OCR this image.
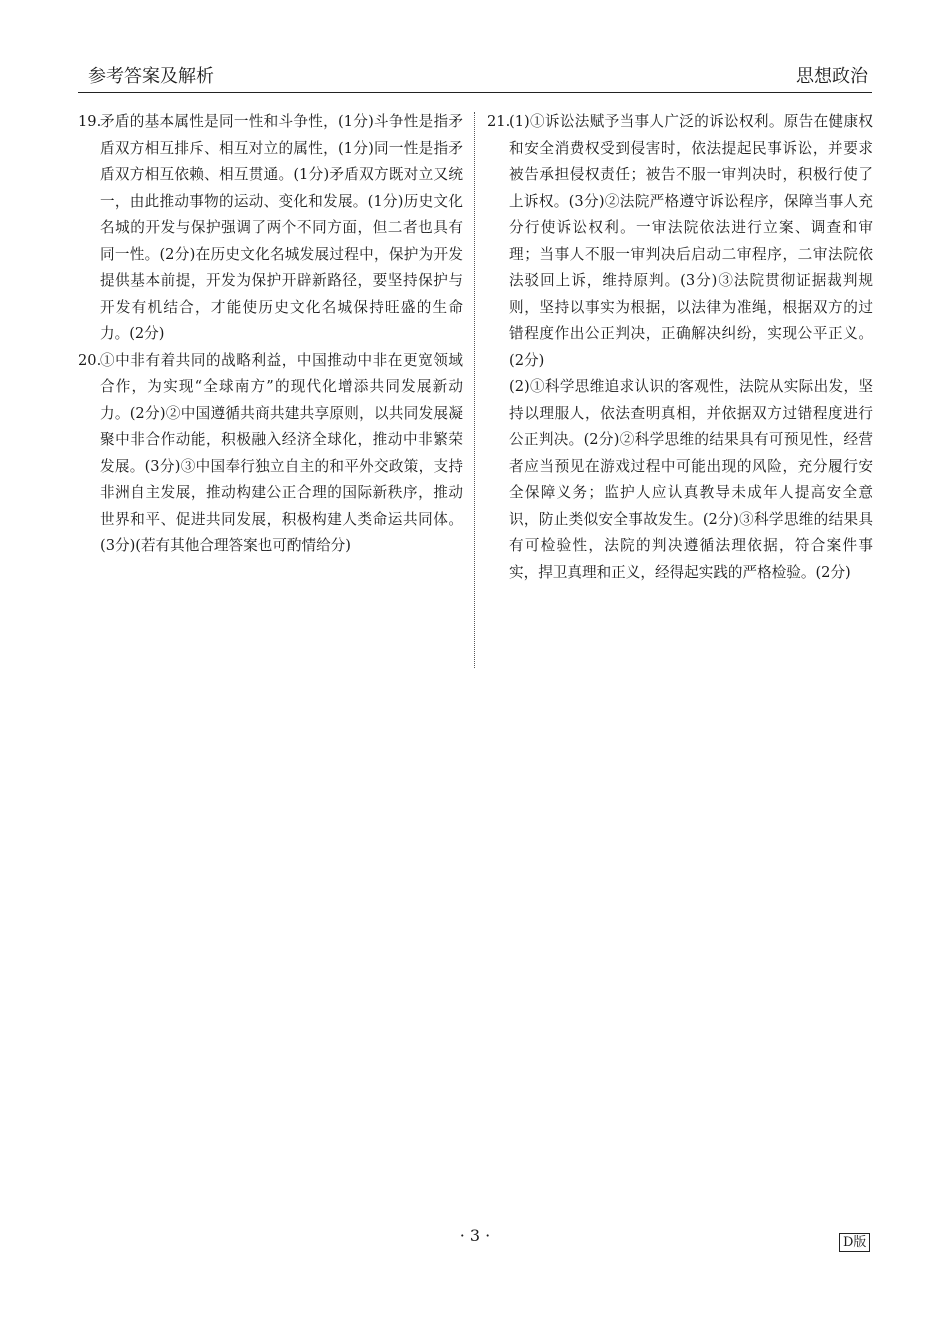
参考答案及解析	思想政治
19.
矛盾的基本属性是同一性和斗争性，(1分)斗争性是指矛盾双方相互排斥、相互对立的属性，(1分)同一性是指矛盾双方相互依赖、相互贯通。(1分)矛盾双方既对立又统一，由此推动事物的运动、变化和发展。(1分)历史文化名城的开发与保护强调了两个不同方面，但二者也具有同一性。(2分)在历史文化名城发展过程中，保护为开发提供基本前提，开发为保护开辟新路径，要坚持保护与开发有机结合，才能使历史文化名城保持旺盛的生命力。(2分)
20.
①中非有着共同的战略利益，中国推动中非在更宽领域合作，为实现“全球南方”的现代化增添共同发展新动力。(2分)②中国遵循共商共建共享原则，以共同发展凝聚中非合作动能，积极融入经济全球化，推动中非繁荣发展。(3分)③中国奉行独立自主的和平外交政策，支持非洲自主发展，推动构建公正合理的国际新秩序，推动世界和平、促进共同发展，积极构建人类命运共同体。(3分)(若有其他合理答案也可酌情给分)
21.
(1)①诉讼法赋予当事人广泛的诉讼权利。原告在健康权和安全消费权受到侵害时，依法提起民事诉讼，并要求被告承担侵权责任；被告不服一审判决时，积极行使了上诉权。(3分)②法院严格遵守诉讼程序，保障当事人充分行使诉讼权利。一审法院依法进行立案、调查和审理；当事人不服一审判决后启动二审程序，二审法院依法驳回上诉，维持原判。(3分)③法院贯彻证据裁判规则，坚持以事实为根据，以法律为准绳，根据双方的过错程度作出公正判决，正确解决纠纷，实现公平正义。(2分)
(2)①科学思维追求认识的客观性，法院从实际出发，坚持以理服人，依法查明真相，并依据双方过错程度进行公正判决。(2分)②科学思维的结果具有可预见性，经营者应当预见在游戏过程中可能出现的风险，充分履行安全保障义务；监护人应认真教导未成年人提高安全意识，防止类似安全事故发生。(2分)③科学思维的结果具有可检验性，法院的判决遵循法理依据，符合案件事实，捍卫真理和正义，经得起实践的严格检验。(2分)
· 3 ·	D版
